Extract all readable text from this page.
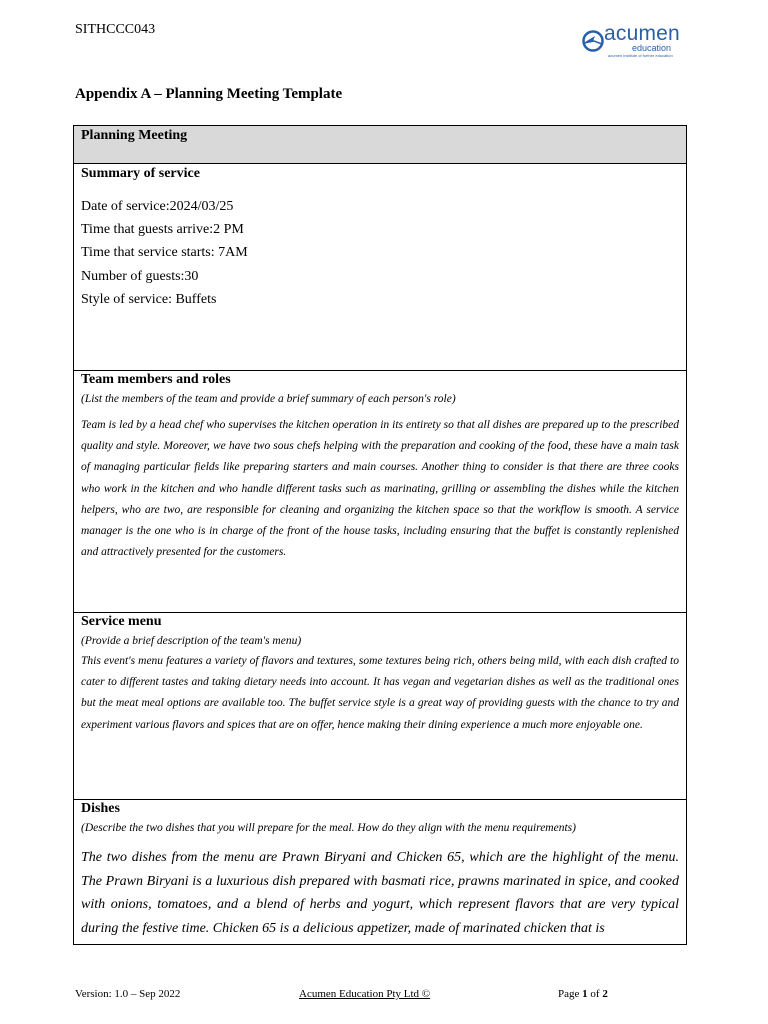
SITHCCC043	acumen
education
acumen institute of further education
Appendix A – Planning Meeting Template
Planning Meeting
Summary of service
Date of service:2024/03/25
Time that guests arrive:2 PM
Time that service starts: 7AM
Number of guests:30
Style of service: Buffets
Team members and roles
(List the members of the team and provide a brief summary of each person's role)
Team is led by a head chef who supervises the kitchen operation in its entirety so that all dishes are prepared up to the prescribed quality and style. Moreover, we have two sous chefs helping with the preparation and cooking of the food, these have a main task of managing particular fields like preparing starters and main courses. Another thing to consider is that there are three cooks who work in the kitchen and who handle different tasks such as marinating, grilling or assembling the dishes while the kitchen helpers, who are two, are responsible for cleaning and organizing the kitchen space so that the workflow is smooth. A service manager is the one who is in charge of the front of the house tasks, including ensuring that the buffet is constantly replenished and attractively presented for the customers.
Service menu
(Provide a brief description of the team's menu)
This event's menu features a variety of flavors and textures, some textures being rich, others being mild, with each dish crafted to cater to different tastes and taking dietary needs into account. It has vegan and vegetarian dishes as well as the traditional ones but the meat meal options are available too. The buffet service style is a great way of providing guests with the chance to try and experiment various flavors and spices that are on offer, hence making their dining experience a much more enjoyable one.
Dishes
(Describe the two dishes that you will prepare for the meal. How do they align with the menu requirements)
The two dishes from the menu are Prawn Biryani and Chicken 65, which are the highlight of the menu. The Prawn Biryani is a luxurious dish prepared with basmati rice, prawns marinated in spice, and cooked with onions, tomatoes, and a blend of herbs and yogurt, which represent flavors that are very typical during the festive time. Chicken 65 is a delicious appetizer, made of marinated chicken that is
Version: 1.0 – Sep 2022	Acumen Education Pty Ltd ©	Page 1 of 2
